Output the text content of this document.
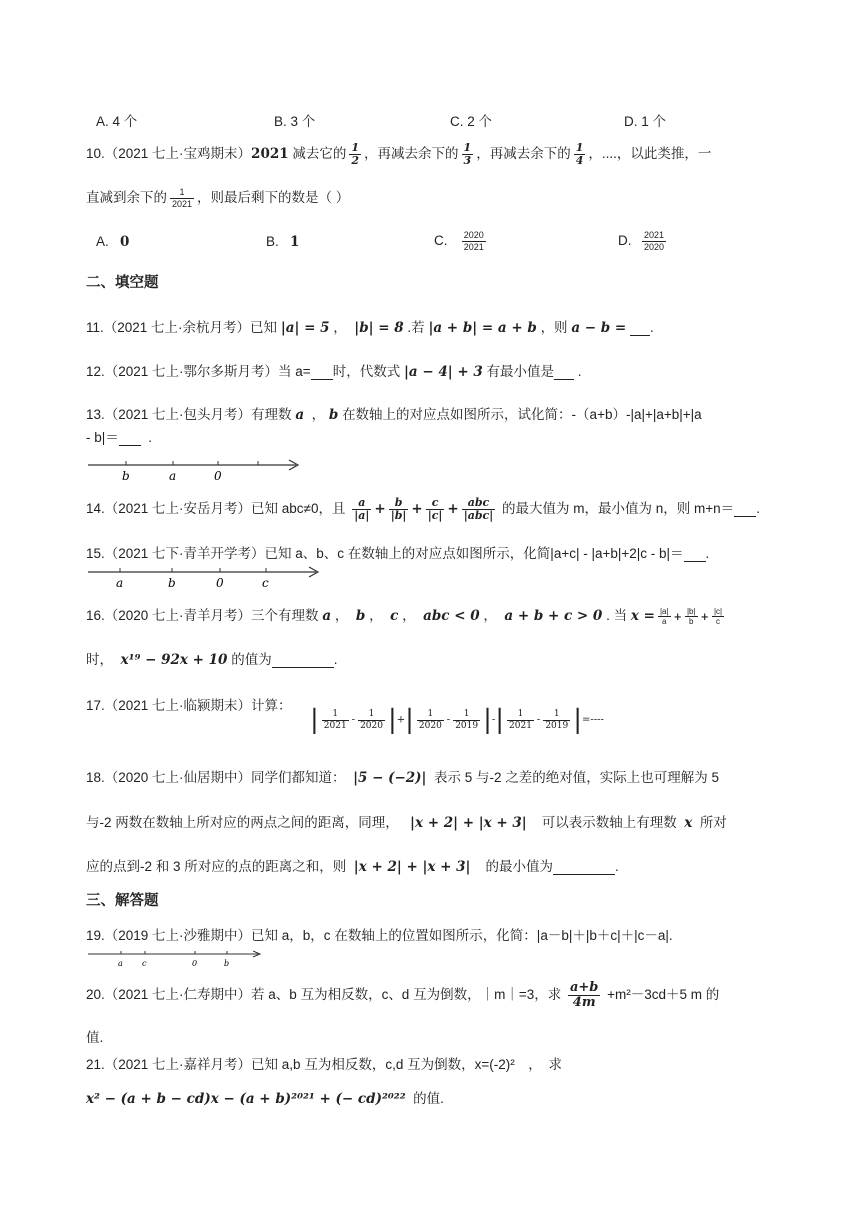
A. 4 个	B. 3 个	C. 2 个	D. 1 个
10.（2021 七上·宝鸡期末）2021 减去它的 $\frac{1}{2}$ ，再减去余下的 $\frac{1}{3}$ ，再减去余下的 $\frac{1}{4}$ ，....，以此类推，一
直减到余下的 $\frac{1}{2021}$ ，则最后剩下的数是（ ）
A. 0	B. 1	C. $\frac{2020}{2021}$	D. $\frac{2021}{2020}$
二、填空题
11.（2021 七上·余杭月考）已知 |a| = 5 ， |b| = 8 .若 |a + b| = a + b ，则 a − b = .
12.（2021 七上·鄂尔多斯月考）当 a= 时，代数式 |a − 4| + 3 有最小值是  .
13.（2021 七上·包头月考）有理数 a ， b 在数轴上的对应点如图所示，试化简：-（a+b）-|a|+|a+b|+|a
- b|＝ .
b	a	0
14.（2021 七上·安岳月考）已知 abc≠0，且 $\frac{a}{|a|} + \frac{b}{|b|} + \frac{c}{|c|} + \frac{\text{abc}}{\text{|abc|}}$ 的最大值为 m，最小值为 n，则 m+n＝ .
15.（2021 七下·青羊开学考）已知 a、b、c 在数轴上的对应点如图所示，化简|a+c| - |a+b|+2|c - b|＝ .
a	b	0	c
16.（2020 七上·青羊月考）三个有理数 a ， b ， c ， abc < 0 ， a + b + c > 0 . 当 $x = \frac{|a|}{a} + \frac{|b|}{b} + \frac{|c|}{c}$
时， x¹⁹ − 92x + 10 的值为	.
17.（2021 七上·临颍期末）计算： | $\frac{1}{2021} - \frac{1}{2020}$ |+| $\frac{1}{2020} - \frac{1}{2019}$ |-| $\frac{1}{2021} - \frac{1}{2019}$ |=----
18.（2020 七上·仙居期中）同学们都知道： |5 − (−2)| 表示 5 与-2 之差的绝对值，实际上也可理解为 5
与-2 两数在数轴上所对应的两点之间的距离，同理， |x + 2| + |x + 3| 可以表示数轴上有理数 x 所对
应的点到-2 和 3 所对应的点的距离之和，则 |x + 2| + |x + 3| 的最小值为	.
三、解答题
19.（2019 七上·沙雅期中）已知 a，b，c 在数轴上的位置如图所示，化简：|a－b|＋|b＋c|＋|c－a|.
a c	0	b
20.（2021 七上·仁寿期中）若 a、b 互为相反数，c、d 互为倒数，｜m｜=3，求 $\frac{a+b}{4m} +m^2-3cd+5$ m 的
值.
21.（2021 七上·嘉祥月考）已知 a,b 互为相反数，c,d 互为倒数，x=(-2)²　，　求
x² − (a + b − cd)x − (a + b)²⁰²¹ + (− cd)²⁰²² 的值.
